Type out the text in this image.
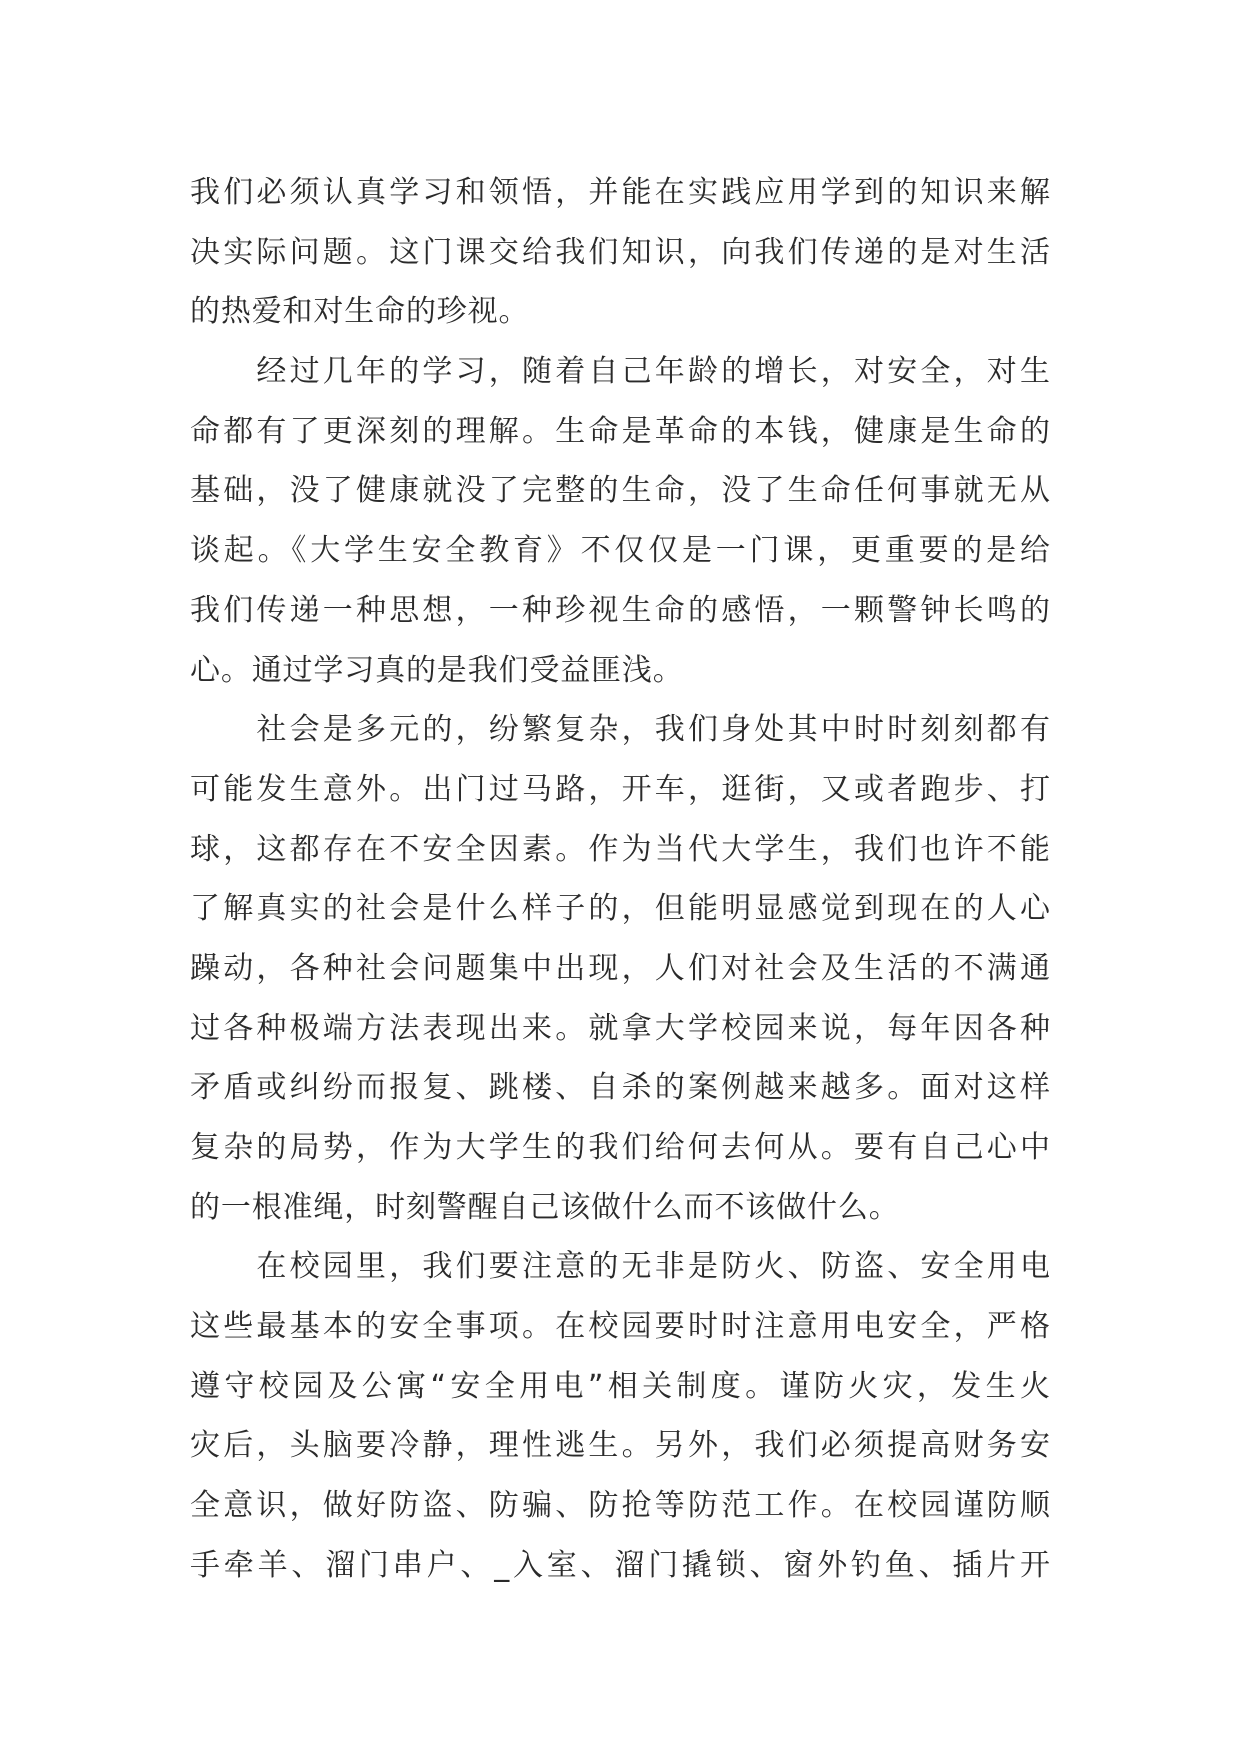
我们必须认真学习和领悟，并能在实践应用学到的知识来解
决实际问题。这门课交给我们知识，向我们传递的是对生活
的热爱和对生命的珍视。
　　经过几年的学习，随着自己年龄的增长，对安全，对生
命都有了更深刻的理解。生命是革命的本钱，健康是生命的
基础，没了健康就没了完整的生命，没了生命任何事就无从
谈起。《大学生安全教育》不仅仅是一门课，更重要的是给
我们传递一种思想，一种珍视生命的感悟，一颗警钟长鸣的
心。通过学习真的是我们受益匪浅。
　　社会是多元的，纷繁复杂，我们身处其中时时刻刻都有
可能发生意外。出门过马路，开车，逛街，又或者跑步、打
球，这都存在不安全因素。作为当代大学生，我们也许不能
了解真实的社会是什么样子的，但能明显感觉到现在的人心
躁动，各种社会问题集中出现，人们对社会及生活的不满通
过各种极端方法表现出来。就拿大学校园来说，每年因各种
矛盾或纠纷而报复、跳楼、自杀的案例越来越多。面对这样
复杂的局势，作为大学生的我们给何去何从。要有自己心中
的一根准绳，时刻警醒自己该做什么而不该做什么。
　　在校园里，我们要注意的无非是防火、防盗、安全用电
这些最基本的安全事项。在校园要时时注意用电安全，严格
遵守校园及公寓“安全用电”相关制度。谨防火灾，发生火
灾后，头脑要冷静，理性逃生。另外，我们必须提高财务安
全意识，做好防盗、防骗、防抢等防范工作。在校园谨防顺
手牵羊、溜门串户、_入室、溜门撬锁、窗外钓鱼、插片开
